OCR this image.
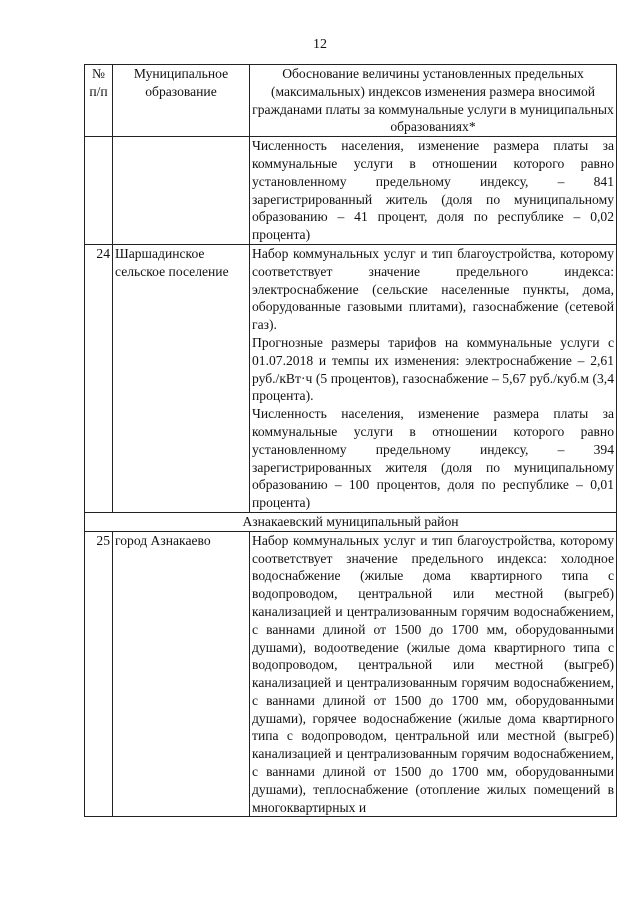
12
№ п/п	Муниципальное образование	Обоснование величины установленных предельных (максимальных) индексов изменения размера вносимой гражданами платы за коммунальные услуги в муниципальных образованиях*

		Численность населения, изменение размера платы за коммунальные услуги в отношении которого равно установленному предельному индексу, – 841 зарегистрированный житель (доля по муниципальному образованию – 41 процент, доля по республике – 0,02 процента)

24	Шаршадинское сельское поселение	Набор коммунальных услуг и тип благоустройства, которому соответствует значение предельного индекса: электроснабжение (сельские населенные пункты, дома, оборудованные газовыми плитами), газоснабжение (сетевой газ).
Прогнозные размеры тарифов на коммунальные услуги с 01.07.2018 и темпы их изменения: электроснабжение – 2,61 руб./кВт·ч (5 процентов), газоснабжение – 5,67 руб./куб.м (3,4 процента).
Численность населения, изменение размера платы за коммунальные услуги в отношении которого равно установленному предельному индексу, – 394 зарегистрированных жителя (доля по муниципальному образованию – 100 процентов, доля по республике – 0,01 процента)

Азнакаевский муниципальный район		
25	город Азнакаево	Набор коммунальных услуг и тип благоустройства, которому соответствует значение предельного индекса: холодное водоснабжение (жилые дома квартирного типа с водопроводом, центральной или местной (выгреб) канализацией и централизованным горячим водоснабжением, с ваннами длиной от 1500 до 1700 мм, оборудованными душами), водоотведение (жилые дома квартирного типа с водопроводом, центральной или местной (выгреб) канализацией и централизованным горячим водоснабжением, с ваннами длиной от 1500 до 1700 мм, оборудованными душами), горячее водоснабжение (жилые дома квартирного типа с водопроводом, центральной или местной (выгреб) канализацией и централизованным горячим водоснабжением, с ваннами длиной от 1500 до 1700 мм, оборудованными душами), теплоснабжение (отопление жилых помещений в многоквартирных и
